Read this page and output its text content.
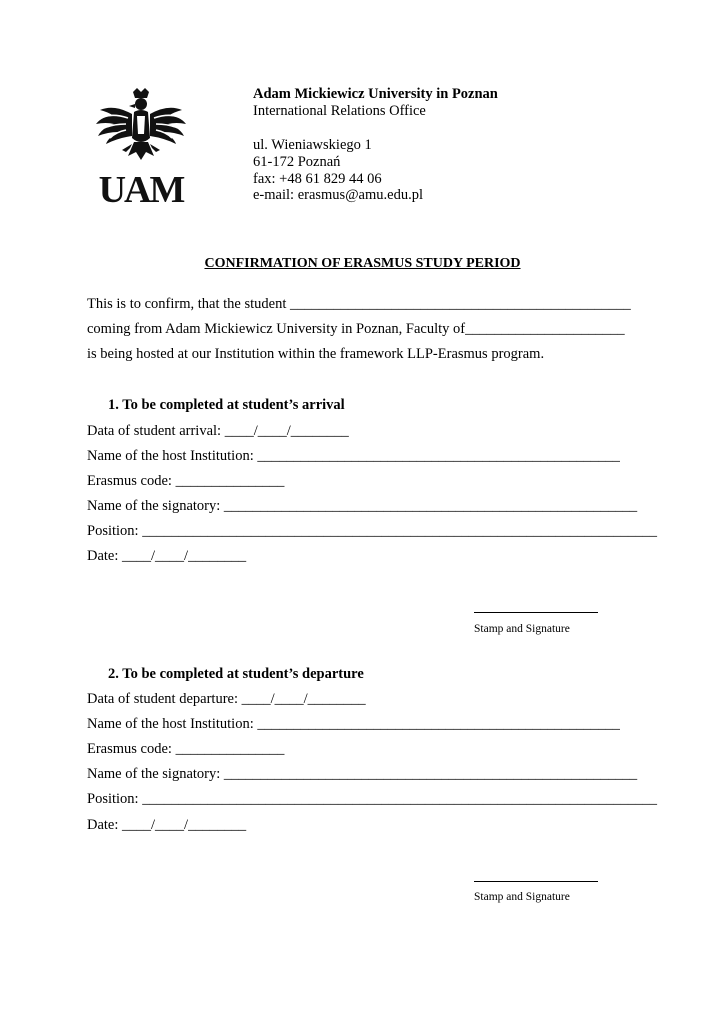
UAM
Adam Mickiewicz University in Poznan
International Relations Office
ul. Wieniawskiego 1
61-172 Poznań
fax: +48 61 829 44 06
e-mail: erasmus@amu.edu.pl
CONFIRMATION OF ERASMUS STUDY PERIOD
This is to confirm, that the student _______________________________________________
coming from Adam Mickiewicz University in Poznan, Faculty of______________________
is being hosted at our Institution within the framework LLP-Erasmus program.
1. To be completed at student’s arrival
Data of student arrival: ____/____/________
Name of the host Institution: __________________________________________________
Erasmus code: _______________
Name of the signatory: _________________________________________________________
Position: _______________________________________________________________________
Date: ____/____/________
Stamp and Signature
2. To be completed at student’s departure
Data of student departure: ____/____/________
Name of the host Institution: __________________________________________________
Erasmus code: _______________
Name of the signatory: _________________________________________________________
Position: _______________________________________________________________________
Date: ____/____/________
Stamp and Signature
